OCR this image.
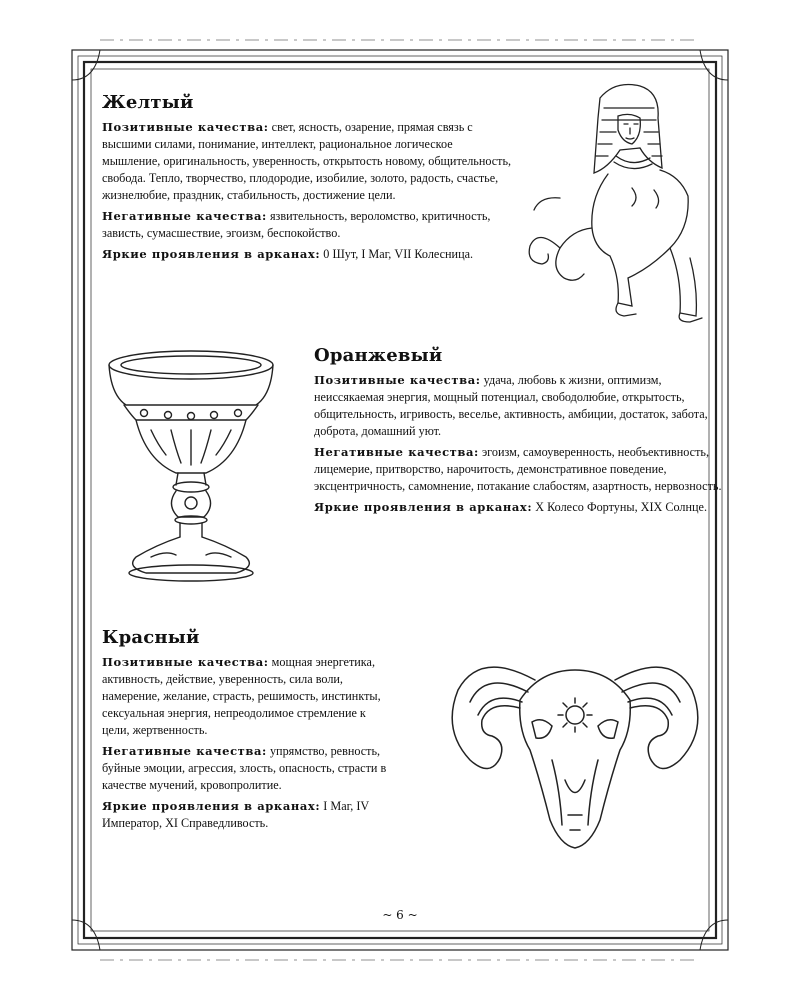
Желтый

Позитивные качества: свет, ясность, озарение, прямая связь с высшими силами, понимание, интеллект, рациональное логическое мышление, оригинальность, уверенность, открытость новому, общительность, свобода. Тепло, творчество, плодородие, изобилие, золото, радость, счастье, жизнелюбие, праздник, стабильность, достижение цели.

Негативные качества: язвительность, вероломство, критичность, зависть, сумасшествие, эгоизм, беспокойство.

Яркие проявления в арканах: 0 Шут, I Маг, VII Колесница.

Оранжевый

Позитивные качества: удача, любовь к жизни, оптимизм, неиссякаемая энергия, мощный потенциал, свободолюбие, открытость, общительность, игривость, веселье, активность, амбиции, достаток, забота, доброта, домашний уют.

Негативные качества: эгоизм, самоуверенность, необъективность, лицемерие, притворство, нарочитость, демонстративное поведение, эксцентричность, самомнение, потакание слабостям, азартность, нервозность.

Яркие проявления в арканах: X Колесо Фортуны, XIX Солнце.

Красный

Позитивные качества: мощная энергетика, активность, действие, уверенность, сила воли, намерение, желание, страсть, решимость, инстинкты, сексуальная энергия, непреодолимое стремление к цели, жертвенность.

Негативные качества: упрямство, ревность, буйные эмоции, агрессия, злость, опасность, страсти в качестве мучений, кровопролитие.

Яркие проявления в арканах: I Маг, IV Император, XI Справедливость.

~ 6 ~
